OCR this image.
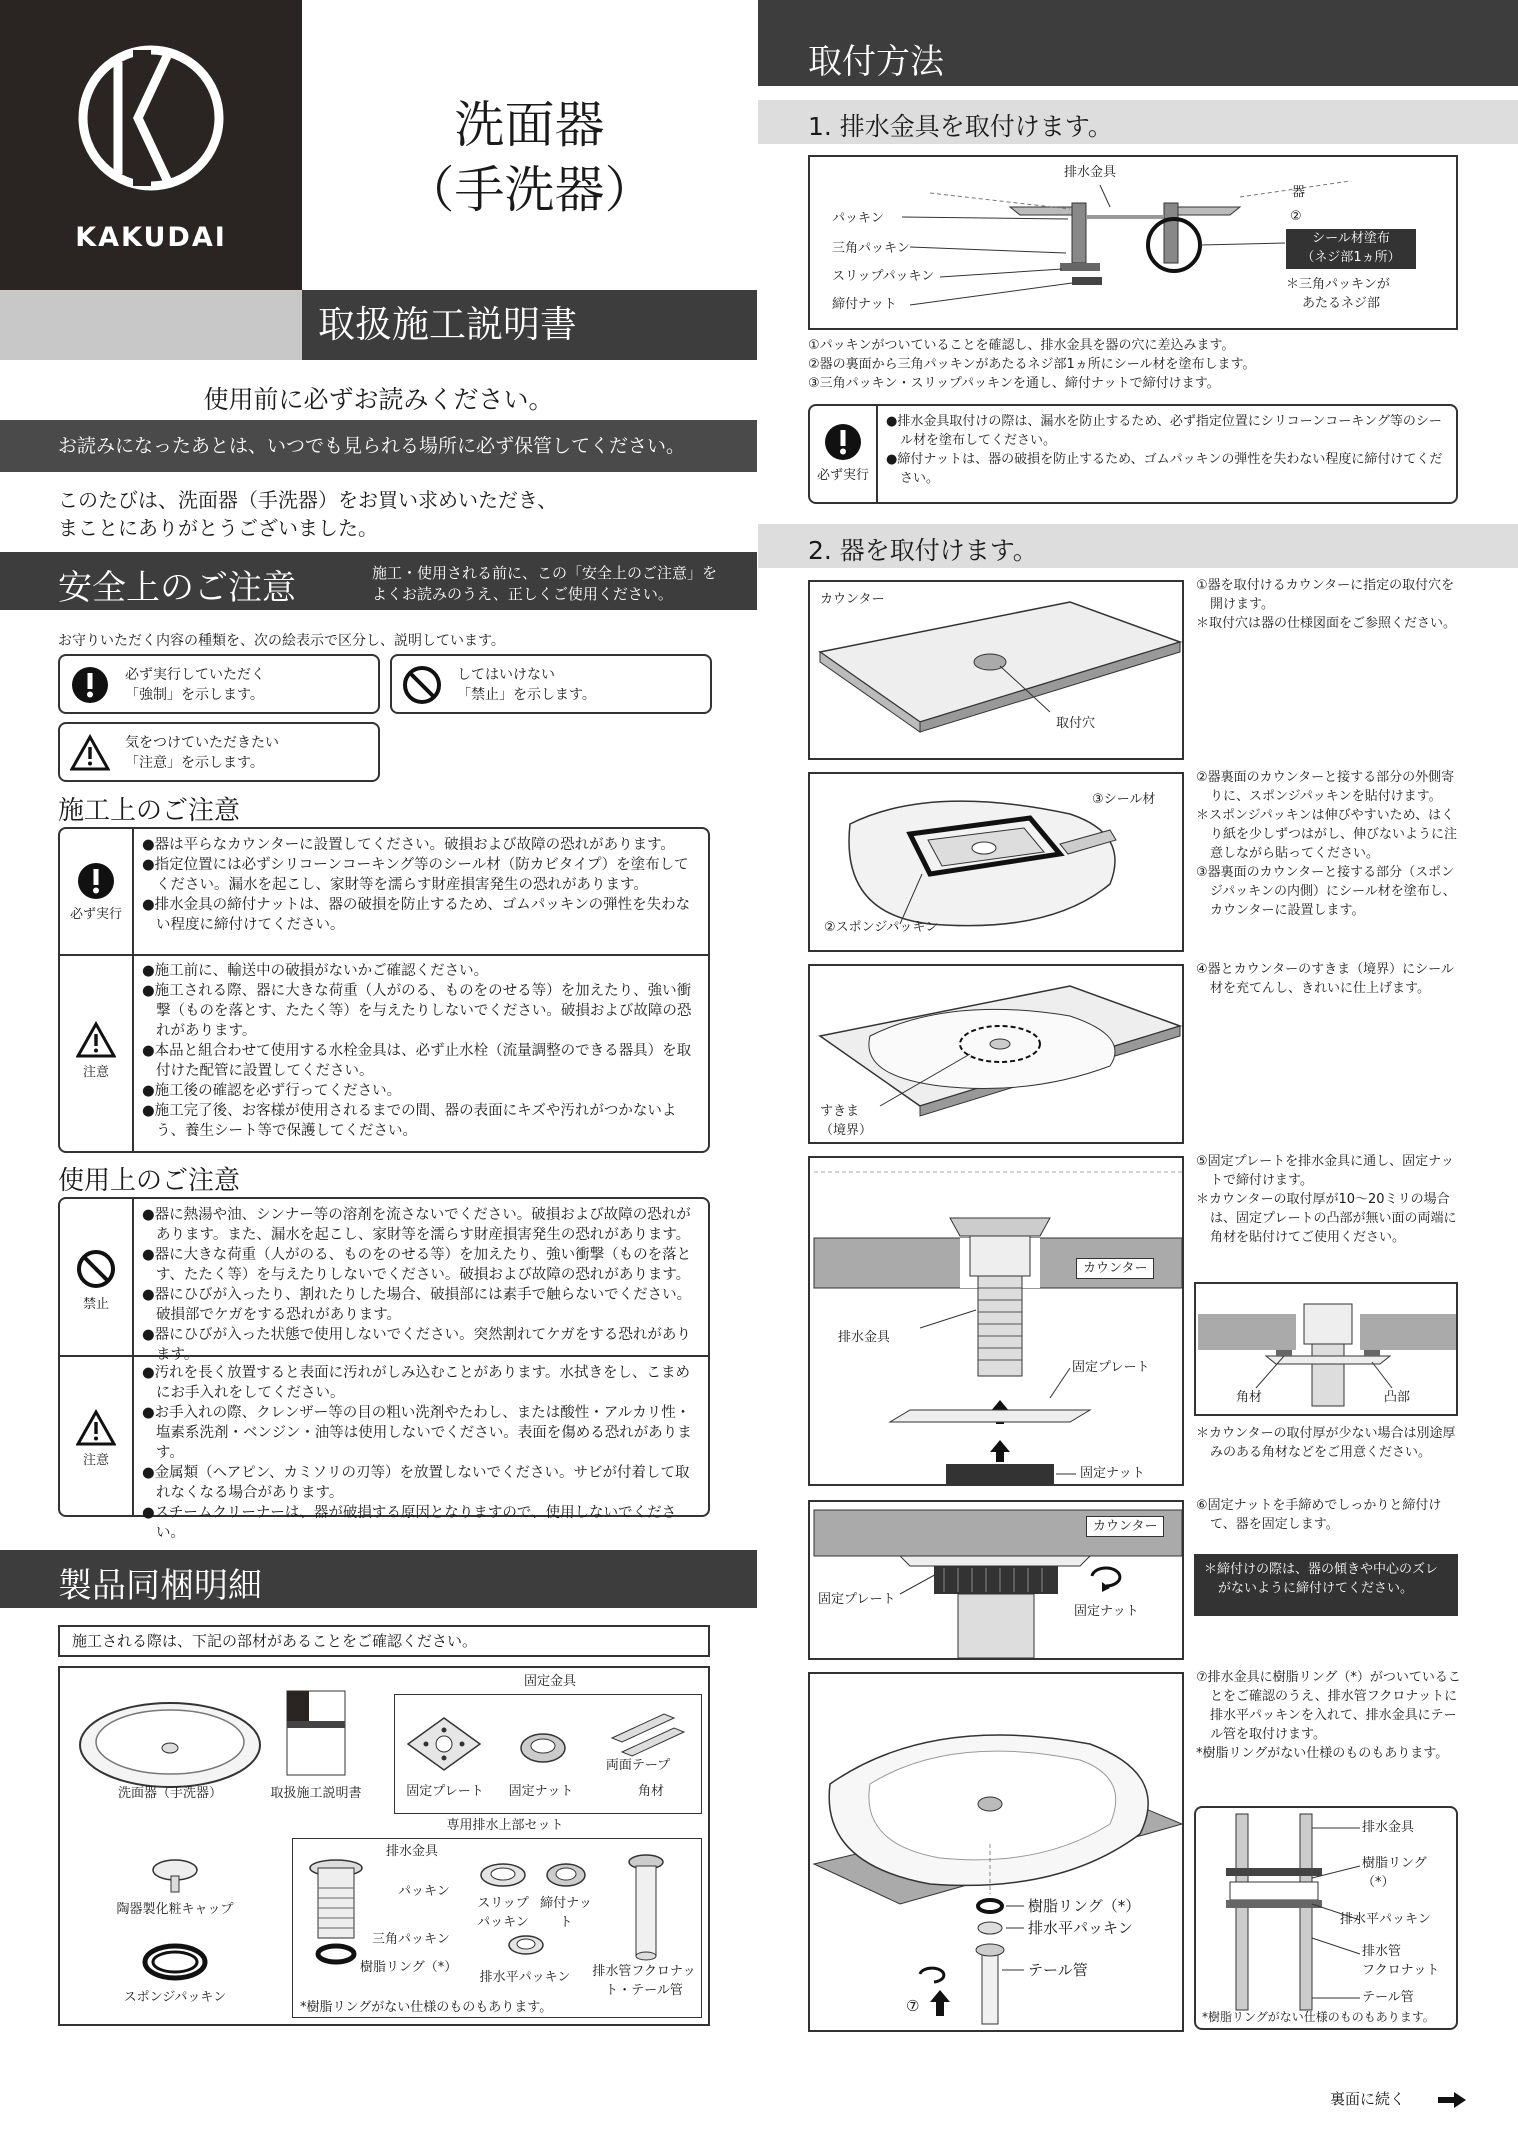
KAKUDAI
洗面器
（手洗器）
取扱施工説明書
使用前に必ずお読みください。
お読みになったあとは、いつでも見られる場所に必ず保管してください。
このたびは、洗面器（手洗器）をお買い求めいただき、
まことにありがとうございました。
安全上のご注意	施工・使用される前に、この「安全上のご注意」を
よくお読みのうえ、正しくご使用ください。
お守りいただく内容の種類を、次の絵表示で区分し、説明しています。
必ず実行していただく
「強制」を示します。
してはいけない
「禁止」を示します。
気をつけていただきたい
「注意」を示します。
施工上のご注意
必ず実行
●器は平らなカウンターに設置してください。破損および故障の恐れがあります。
●指定位置には必ずシリコーンコーキング等のシール材（防カビタイプ）を塗布してください。漏水を起こし、家財等を濡らす財産損害発生の恐れがあります。
●排水金具の締付ナットは、器の破損を防止するため、ゴムパッキンの弾性を失わない程度に締付けてください。
注意
●施工前に、輸送中の破損がないかご確認ください。
●施工される際、器に大きな荷重（人がのる、ものをのせる等）を加えたり、強い衝撃（ものを落とす、たたく等）を与えたりしないでください。破損および故障の恐れがあります。
●本品と組合わせて使用する水栓金具は、必ず止水栓（流量調整のできる器具）を取付けた配管に設置してください。
●施工後の確認を必ず行ってください。
●施工完了後、お客様が使用されるまでの間、器の表面にキズや汚れがつかないよう、養生シート等で保護してください。
使用上のご注意
禁止
●器に熱湯や油、シンナー等の溶剤を流さないでください。破損および故障の恐れがあります。また、漏水を起こし、家財等を濡らす財産損害発生の恐れがあります。
●器に大きな荷重（人がのる、ものをのせる等）を加えたり、強い衝撃（ものを落とす、たたく等）を与えたりしないでください。破損および故障の恐れがあります。
●器にひびが入ったり、割れたりした場合、破損部には素手で触らないでください。破損部でケガをする恐れがあります。
●器にひびが入った状態で使用しないでください。突然割れてケガをする恐れがあります。
注意
●汚れを長く放置すると表面に汚れがしみ込むことがあります。水拭きをし、こまめにお手入れをしてください。
●お手入れの際、クレンザー等の目の粗い洗剤やたわし、または酸性・アルカリ性・塩素系洗剤・ベンジン・油等は使用しないでください。表面を傷める恐れがあります。
●金属類（ヘアピン、カミソリの刃等）を放置しないでください。サビが付着して取れなくなる場合があります。
●スチームクリーナーは、器が破損する原因となりますので、使用しないでください。
製品同梱明細
施工される際は、下記の部材があることをご確認ください。
洗面器（手洗器）	取扱施工説明書
固定金具
両面テープ
固定プレート	固定ナット	角材
専用排水上部セット
排水金具
パッキン
三角パッキン
樹脂リング（*）
スリップパッキン
締付ナット
排水平パッキン	排水管フクロナット・テール管
*樹脂リングがない仕様のものもあります。
陶器製化粧キャップ
スポンジパッキン
取付方法
1. 排水金具を取付けます。
排水金具
器
パッキン
三角パッキン
スリップパッキン
締付ナット
②
シール材塗布
（ネジ部1ヵ所）
＊三角パッキンが
あたるネジ部
①パッキンがついていることを確認し、排水金具を器の穴に差込みます。
②器の裏面から三角パッキンがあたるネジ部1ヵ所にシール材を塗布します。
③三角パッキン・スリップパッキンを通し、締付ナットで締付けます。
必ず実行
●排水金具取付けの際は、漏水を防止するため、必ず指定位置にシリコーンコーキング等のシール材を塗布してください。
●締付ナットは、器の破損を防止するため、ゴムパッキンの弾性を失わない程度に締付けてください。
2. 器を取付けます。
カウンター
取付穴
①器を取付けるカウンターに指定の取付穴を開けます。
＊取付穴は器の仕様図面をご参照ください。
③シール材
②スポンジパッキン
②器裏面のカウンターと接する部分の外側寄りに、スポンジパッキンを貼付けます。
＊スポンジパッキンは伸びやすいため、はくり紙を少しずつはがし、伸びないように注意しながら貼ってください。
③器裏面のカウンターと接する部分（スポンジパッキンの内側）にシール材を塗布し、カウンターに設置します。
すきま
（境界）
④器とカウンターのすきま（境界）にシール材を充てんし、きれいに仕上げます。
カウンター
排水金具
固定プレート
固定ナット
⑤固定プレートを排水金具に通し、固定ナットで締付けます。
＊カウンターの取付厚が10〜20ミリの場合は、固定プレートの凸部が無い面の両端に角材を貼付けてご使用ください。
角材	凸部
＊カウンターの取付厚が少ない場合は別途厚みのある角材などをご用意ください。
カウンター
固定プレート
固定ナット
⑥固定ナットを手締めでしっかりと締付けて、器を固定します。
＊締付けの際は、器の傾きや中心のズレがないように締付けてください。
樹脂リング（*）
排水平パッキン
テール管
⑦
⑦排水金具に樹脂リング（*）がついていることをご確認のうえ、排水管フクロナットに排水平パッキンを入れて、排水金具にテール管を取付けます。
*樹脂リングがない仕様のものもあります。
排水金具
樹脂リング
（*）
排水平パッキン
排水管
フクロナット
テール管
*樹脂リングがない仕様のものもあります。
裏面に続く
